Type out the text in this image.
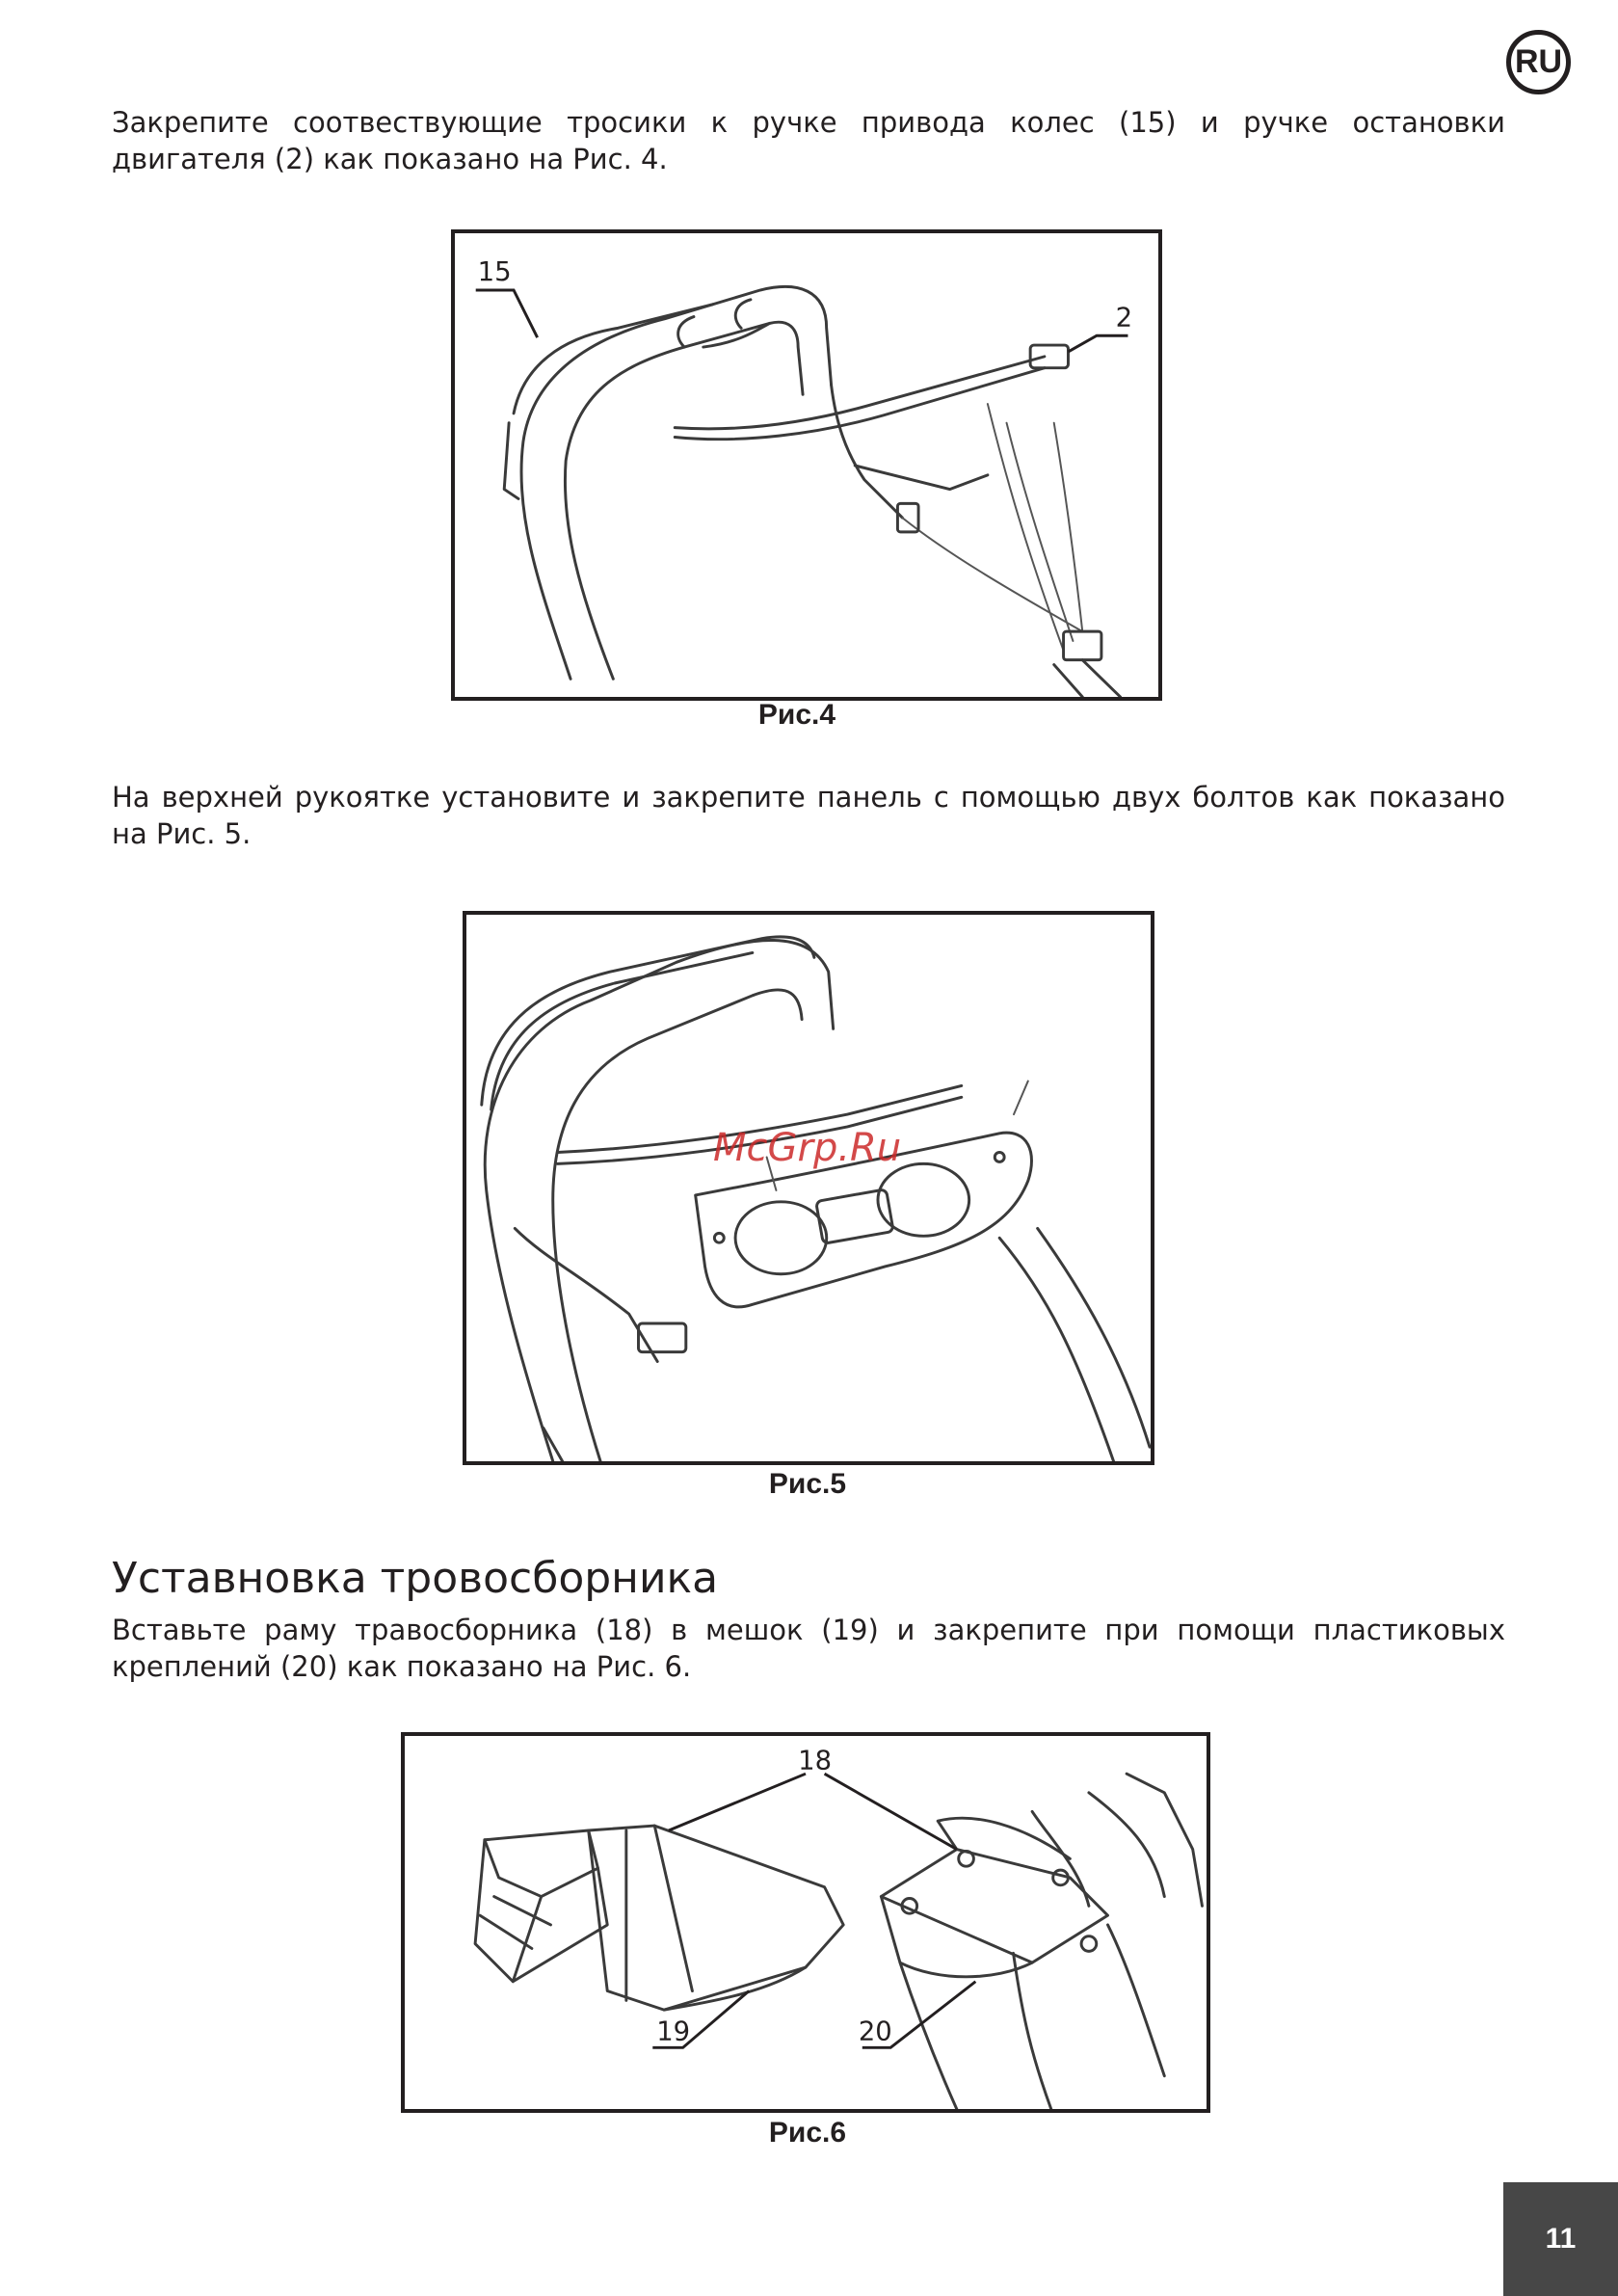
RU

Закрепите соотвествующие тросики к ручке привода колес (15) и ручке остановки двигателя (2) как показано на Рис. 4.

15
2
Рис.4

На верхней рукоятке установите и закрепите панель с помощью двух болтов как показано на Рис. 5.

Рис.5
McGrp.Ru
Уставновка тровосборника

Вставьте раму травосборника (18) в мешок (19) и закрепите при помощи пластиковых креплений (20) как показано на Рис. 6.

18
19	20
Рис.6
11
